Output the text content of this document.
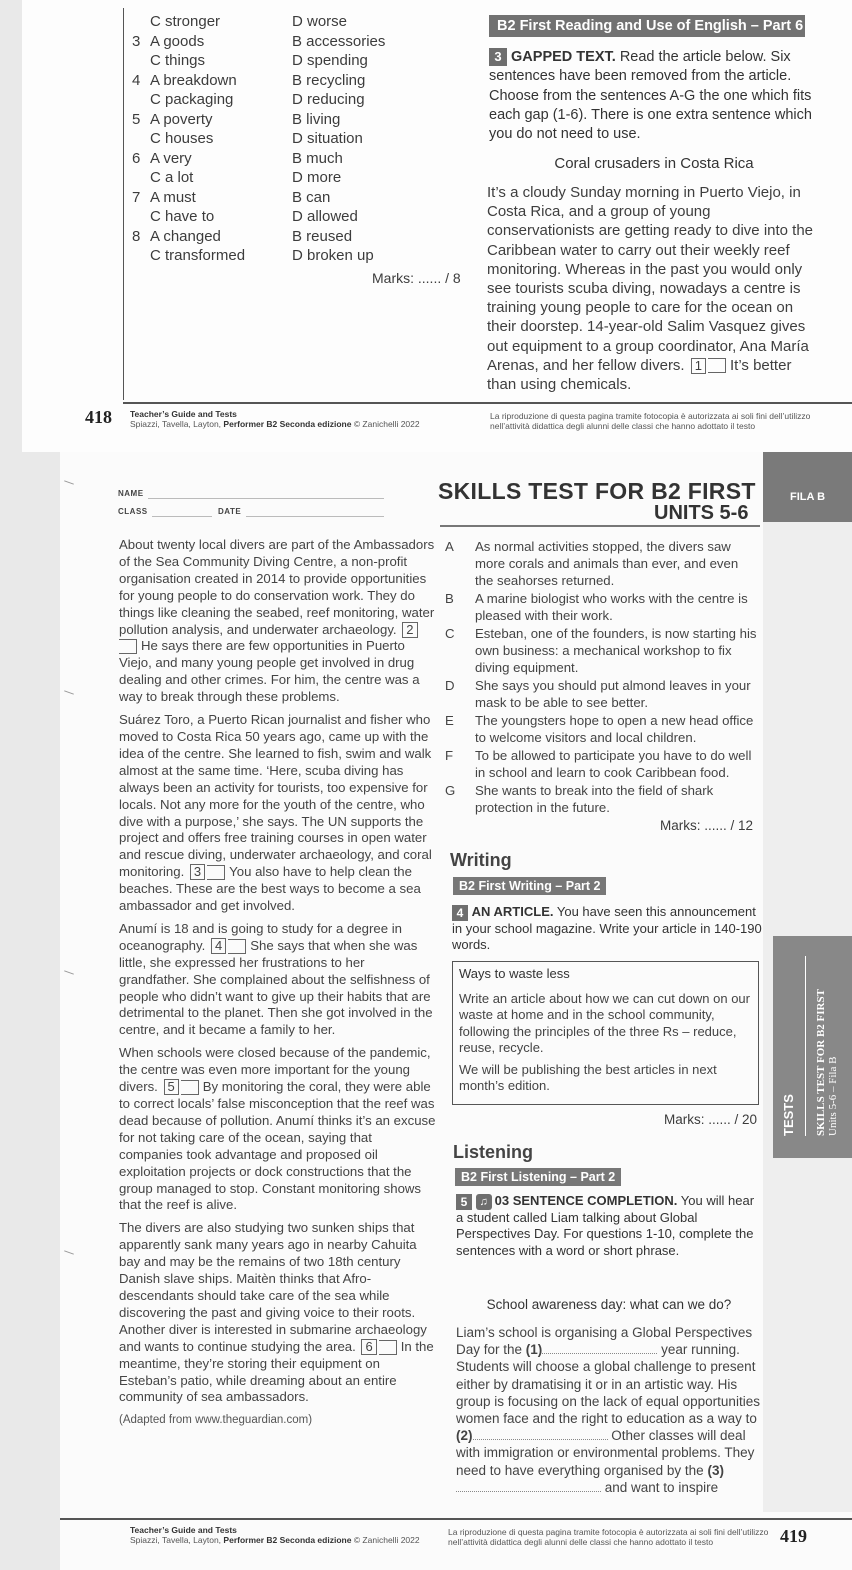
C stronger	D worse
3 A goods	B accessories
C things	D spending
4 A breakdown	B recycling
C packaging	D reducing
5 A poverty	B living
C houses	D situation
6 A very	B much
C a lot	D more
7 A must	B can
C have to	D allowed
8 A changed	B reused
C transformed	D broken up
Marks: ...... / 8
B2 First Reading and Use of English – Part 6
3 GAPPED TEXT. Read the article below. Six sentences have been removed from the article. Choose from the sentences A-G the one which fits each gap (1-6). There is one extra sentence which you do not need to use.
Coral crusaders in Costa Rica
It’s a cloudy Sunday morning in Puerto Viejo, in Costa Rica, and a group of young conservationists are getting ready to dive into the Caribbean water to carry out their weekly reef monitoring. Whereas in the past you would only see tourists scuba diving, nowadays a centre is training young people to care for the ocean on their doorstep. 14-year-old Salim Vasquez gives out equipment to a group coordinator, Ana María Arenas, and her fellow divers. 1 It’s better than using chemicals.
418 Teacher’s Guide and Tests
Spiazzi, Tavella, Layton, Performer B2 Seconda edizione © Zanichelli 2022
La riproduzione di questa pagina tramite fotocopia è autorizzata ai soli fini dell’utilizzo
nell’attività didattica degli alunni delle classi che hanno adottato il testo
FILA B
NAME
CLASS	DATE
SKILLS TEST FOR B2 FIRST
UNITS 5-6

About twenty local divers are part of the Ambassadors of the Sea Community Diving Centre, a non-profit organisation created in 2014 to provide opportunities for young people to do conservation work. They do things like cleaning the seabed, reef monitoring, water pollution analysis, and underwater archaeology. 2He says there are few opportunities in Puerto Viejo, and many young people get involved in drug dealing and other crimes. For him, the centre was a way to break through these problems.

Suárez Toro, a Puerto Rican journalist and fisher who moved to Costa Rica 50 years ago, came up with the idea of the centre. She learned to fish, swim and walk almost at the same time. ‘Here, scuba diving has always been an activity for tourists, too expensive for locals. Not any more for the youth of the centre, who dive with a purpose,’ she says. The UN supports the project and offers free training courses in open water and rescue diving, underwater archaeology, and coral monitoring. 3 You also have to help clean the beaches. These are the best ways to become a sea ambassador and get involved.

Anumí is 18 and is going to study for a degree in oceanography. 4 She says that when she was little, she expressed her frustrations to her grandfather. She complained about the selfishness of people who didn’t want to give up their habits that are detrimental to the planet. Then she got involved in the centre, and it became a family to her.

When schools were closed because of the pandemic, the centre was even more important for the young divers. 5 By monitoring the coral, they were able to correct locals’ false misconception that the reef was dead because of pollution. Anumí thinks it’s an excuse for not taking care of the ocean, saying that companies took advantage and proposed oil exploitation projects or dock constructions that the group managed to stop. Constant monitoring shows that the reef is alive.

The divers are also studying two sunken ships that apparently sank many years ago in nearby Cahuita bay and may be the remains of two 18th century Danish slave ships. Maitèn thinks that Afro-descendants should take care of the sea while discovering the past and giving voice to their roots. Another diver is interested in submarine archaeology and wants to continue studying the area. 6 In the meantime, they’re storing their equipment on Esteban’s patio, while dreaming about an entire community of sea ambassadors.

(Adapted from www.theguardian.com)

A As normal activities stopped, the divers saw more corals and animals than ever, and even the seahorses returned.
B A marine biologist who works with the centre is pleased with their work.
C Esteban, one of the founders, is now starting his own business: a mechanical workshop to fix diving equipment.
D She says you should put almond leaves in your mask to be able to see better.
E The youngsters hope to open a new head office to welcome visitors and local children.
F To be allowed to participate you have to do well in school and learn to cook Caribbean food.
G She wants to break into the field of shark protection in the future.
Marks: ...... / 12
Writing
B2 First Writing – Part 2
4 AN ARTICLE. You have seen this announcement in your school magazine. Write your article in 140-190 words.
Ways to waste less

Write an article about how we can cut down on our waste at home and in the school community, following the principles of the three Rs – reduce, reuse, recycle.

We will be publishing the best articles in next month’s edition.

Marks: ...... / 20
Listening
B2 First Listening – Part 2
5 ♫ 03 SENTENCE COMPLETION. You will hear a student called Liam talking about Global Perspectives Day. For questions 1-10, complete the sentences with a word or short phrase.
School awareness day: what can we do?
Liam’s school is organising a Global Perspectives Day for the (1)	year running. Students will choose a global challenge to present either by dramatising it or in an artistic way. His group is focusing on the lack of equal opportunities women face and the right to education as a way to (2)	Other classes will deal with immigration or environmental problems. They need to have everything organised by the (3) and want to inspire
TESTS SKILLS TEST FOR B2 FIRST Units 5-6 – Fila B
Teacher’s Guide and Tests
Spiazzi, Tavella, Layton, Performer B2 Seconda edizione © Zanichelli 2022
La riproduzione di questa pagina tramite fotocopia è autorizzata ai soli fini dell’utilizzo
nell’attività didattica degli alunni delle classi che hanno adottato il testo	419
